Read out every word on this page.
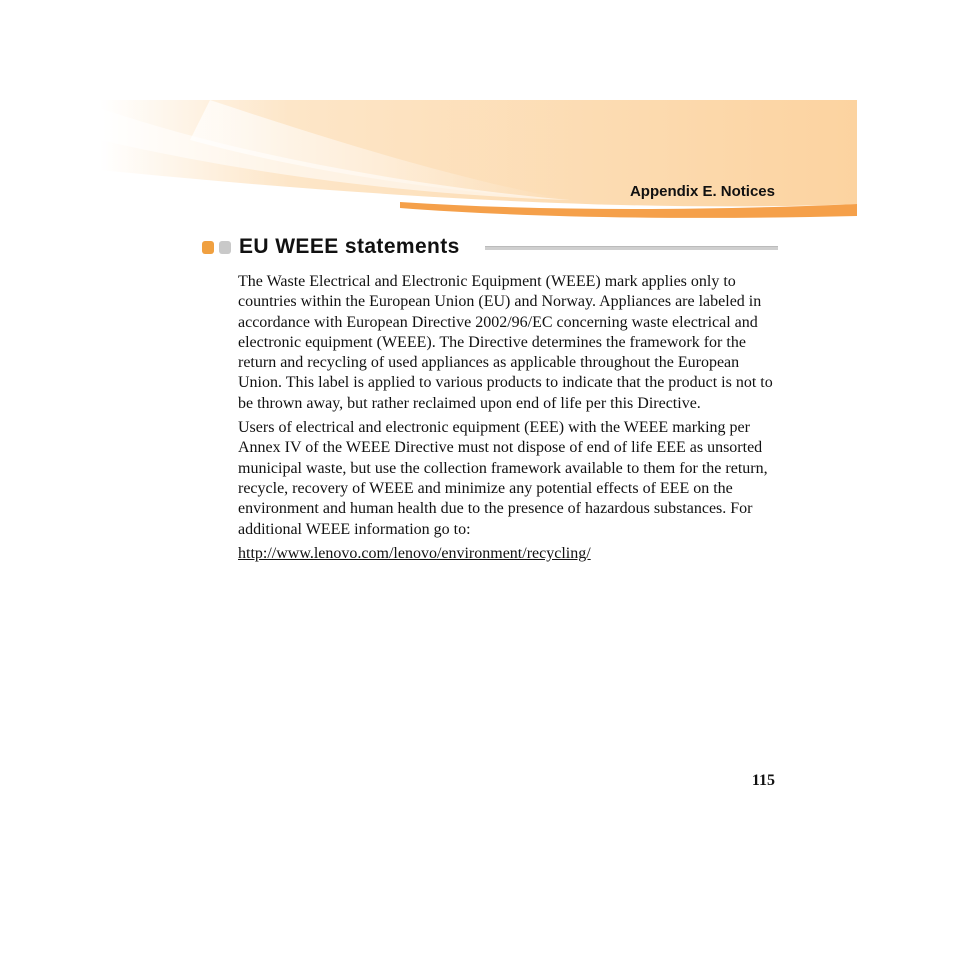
Appendix E. Notices
EU WEEE statements

The Waste Electrical and Electronic Equipment (WEEE) mark applies only to countries within the European Union (EU) and Norway. Appliances are labeled in accordance with European Directive 2002/96/EC concerning waste electrical and electronic equipment (WEEE). The Directive determines the framework for the return and recycling of used appliances as applicable throughout the European Union. This label is applied to various products to indicate that the product is not to be thrown away, but rather reclaimed upon end of life per this Directive.

Users of electrical and electronic equipment (EEE) with the WEEE marking per Annex IV of the WEEE Directive must not dispose of end of life EEE as unsorted municipal waste, but use the collection framework available to them for the return, recycle, recovery of WEEE and minimize any potential effects of EEE on the environment and human health due to the presence of hazardous substances. For additional WEEE information go to:

http://www.lenovo.com/lenovo/environment/recycling/

115
